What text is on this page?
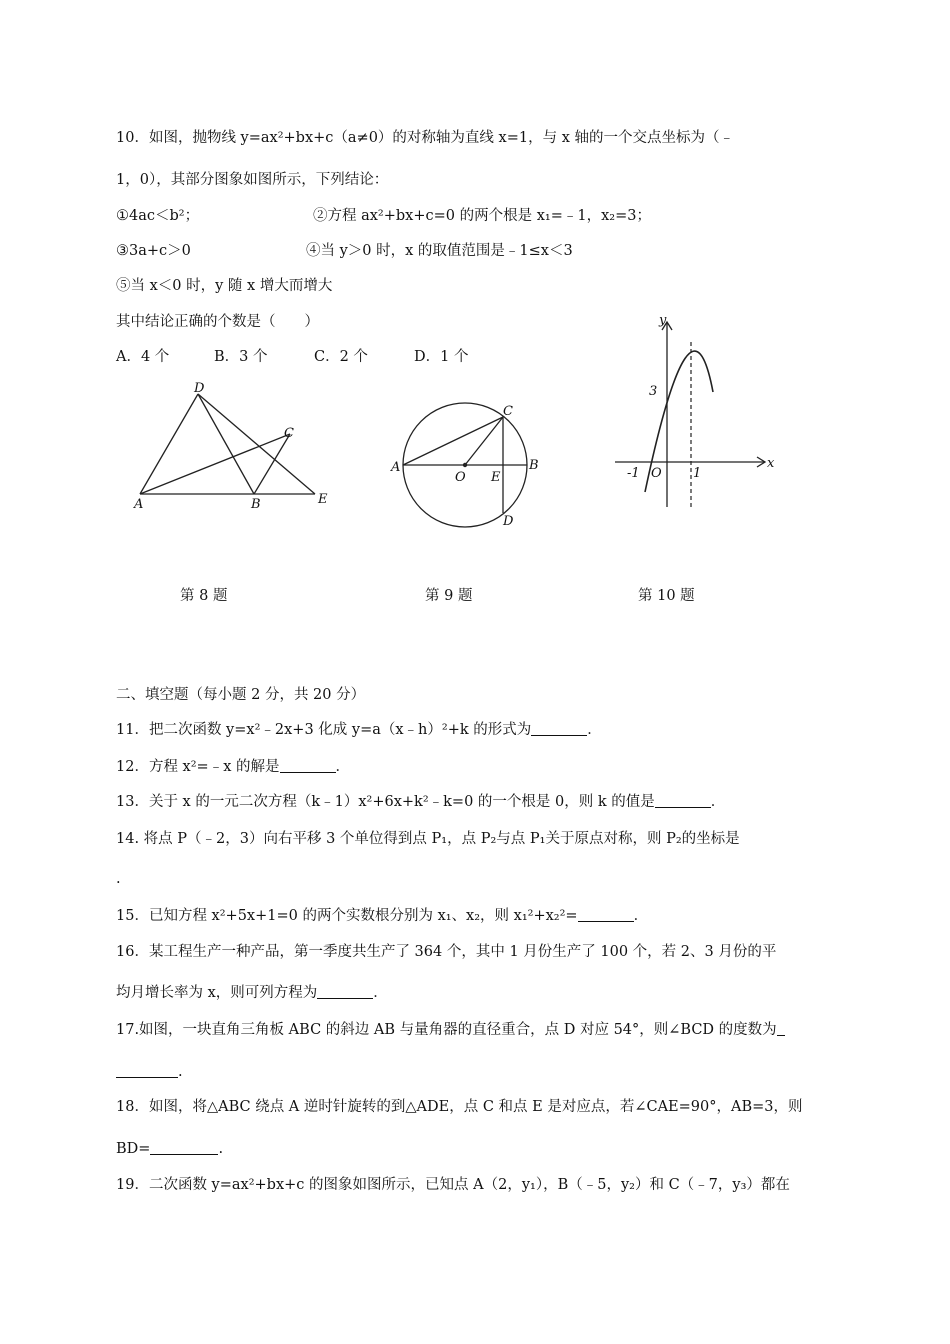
10．如图，抛物线 y=ax²+bx+c（a≠0）的对称轴为直线 x=1，与 x 轴的一个交点坐标为（﹣
1，0），其部分图象如图所示，下列结论：
①4ac＜b²；	②方程 ax²+bx+c=0 的两个根是 x₁=﹣1，x₂=3；
③3a+c＞0	④当 y＞0 时，x 的取值范围是﹣1≤x＜3
⑤当 x＜0 时，y 随 x 增大而增大
其中结论正确的个数是（　　）
A．4 个	B．3 个	C．2 个	D．1 个
D
C
A	B	E
A
O E
B
C
D
y
x
3
-1 O 1
第 8 题	第 9 题	第 10 题
二、填空题（每小题 2 分，共 20 分）
11．把二次函数 y=x²﹣2x+3 化成 y=a（x﹣h）²+k 的形式为	．
12．方程 x²=﹣x 的解是	．
13．关于 x 的一元二次方程（k﹣1）x²+6x+k²﹣k=0 的一个根是 0，则 k 的值是	．
14. 将点 P（﹣2，3）向右平移 3 个单位得到点 P₁，点 P₂与点 P₁关于原点对称，则 P₂的坐标是
.
15．已知方程 x²+5x+1=0 的两个实数根分别为 x₁、x₂，则 x₁²+x₂²=	．
16．某工程生产一种产品，第一季度共生产了 364 个，其中 1 月份生产了 100 个，若 2、3 月份的平
均月增长率为 x，则可列方程为	．
17.如图，一块直角三角板 ABC 的斜边 AB 与量角器的直径重合，点 D 对应 54°，则∠BCD 的度数为
.
18．如图，将△ABC 绕点 A 逆时针旋转的到△ADE，点 C 和点 E 是对应点，若∠CAE=90°，AB=3，则
BD=	.
19．二次函数 y=ax²+bx+c 的图象如图所示，已知点 A（2，y₁），B（﹣5，y₂）和 C（﹣7，y₃）都在
